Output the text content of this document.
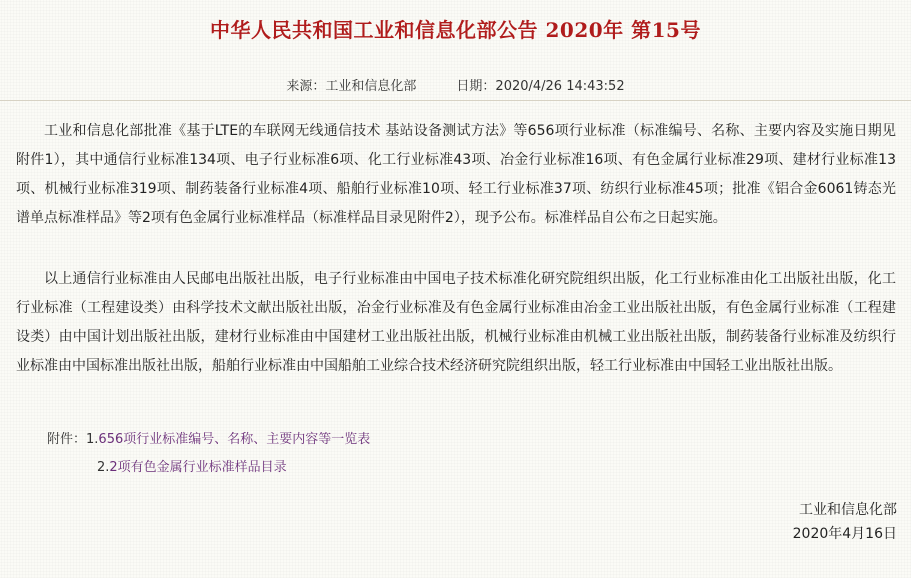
中华人民共和国工业和信息化部公告 2020年 第15号
来源：工业和信息化部	日期：2020/4/26 14:43:52

工业和信息化部批准《基于LTE的车联网无线通信技术 基站设备测试方法》等656项行业标准（标准编号、名称、主要内容及实施日期见附件1），其中通信行业标准134项、电子行业标准6项、化工行业标准43项、冶金行业标准16项、有色金属行业标准29项、建材行业标准13项、机械行业标准319项、制药装备行业标准4项、船舶行业标准10项、轻工行业标准37项、纺织行业标准45项；批准《铝合金6061铸态光谱单点标准样品》等2项有色金属行业标准样品（标准样品目录见附件2），现予公布。标准样品自公布之日起实施。

以上通信行业标准由人民邮电出版社出版，电子行业标准由中国电子技术标准化研究院组织出版，化工行业标准由化工出版社出版，化工行业标准（工程建设类）由科学技术文献出版社出版，冶金行业标准及有色金属行业标准由冶金工业出版社出版，有色金属行业标准（工程建设类）由中国计划出版社出版，建材行业标准由中国建材工业出版社出版，机械行业标准由机械工业出版社出版，制药装备行业标准及纺织行业标准由中国标准出版社出版，船舶行业标准由中国船舶工业综合技术经济研究院组织出版，轻工行业标准由中国轻工业出版社出版。

附件：1.656项行业标准编号、名称、主要内容等一览表
2.2项有色金属行业标准样品目录
工业和信息化部
2020年4月16日
